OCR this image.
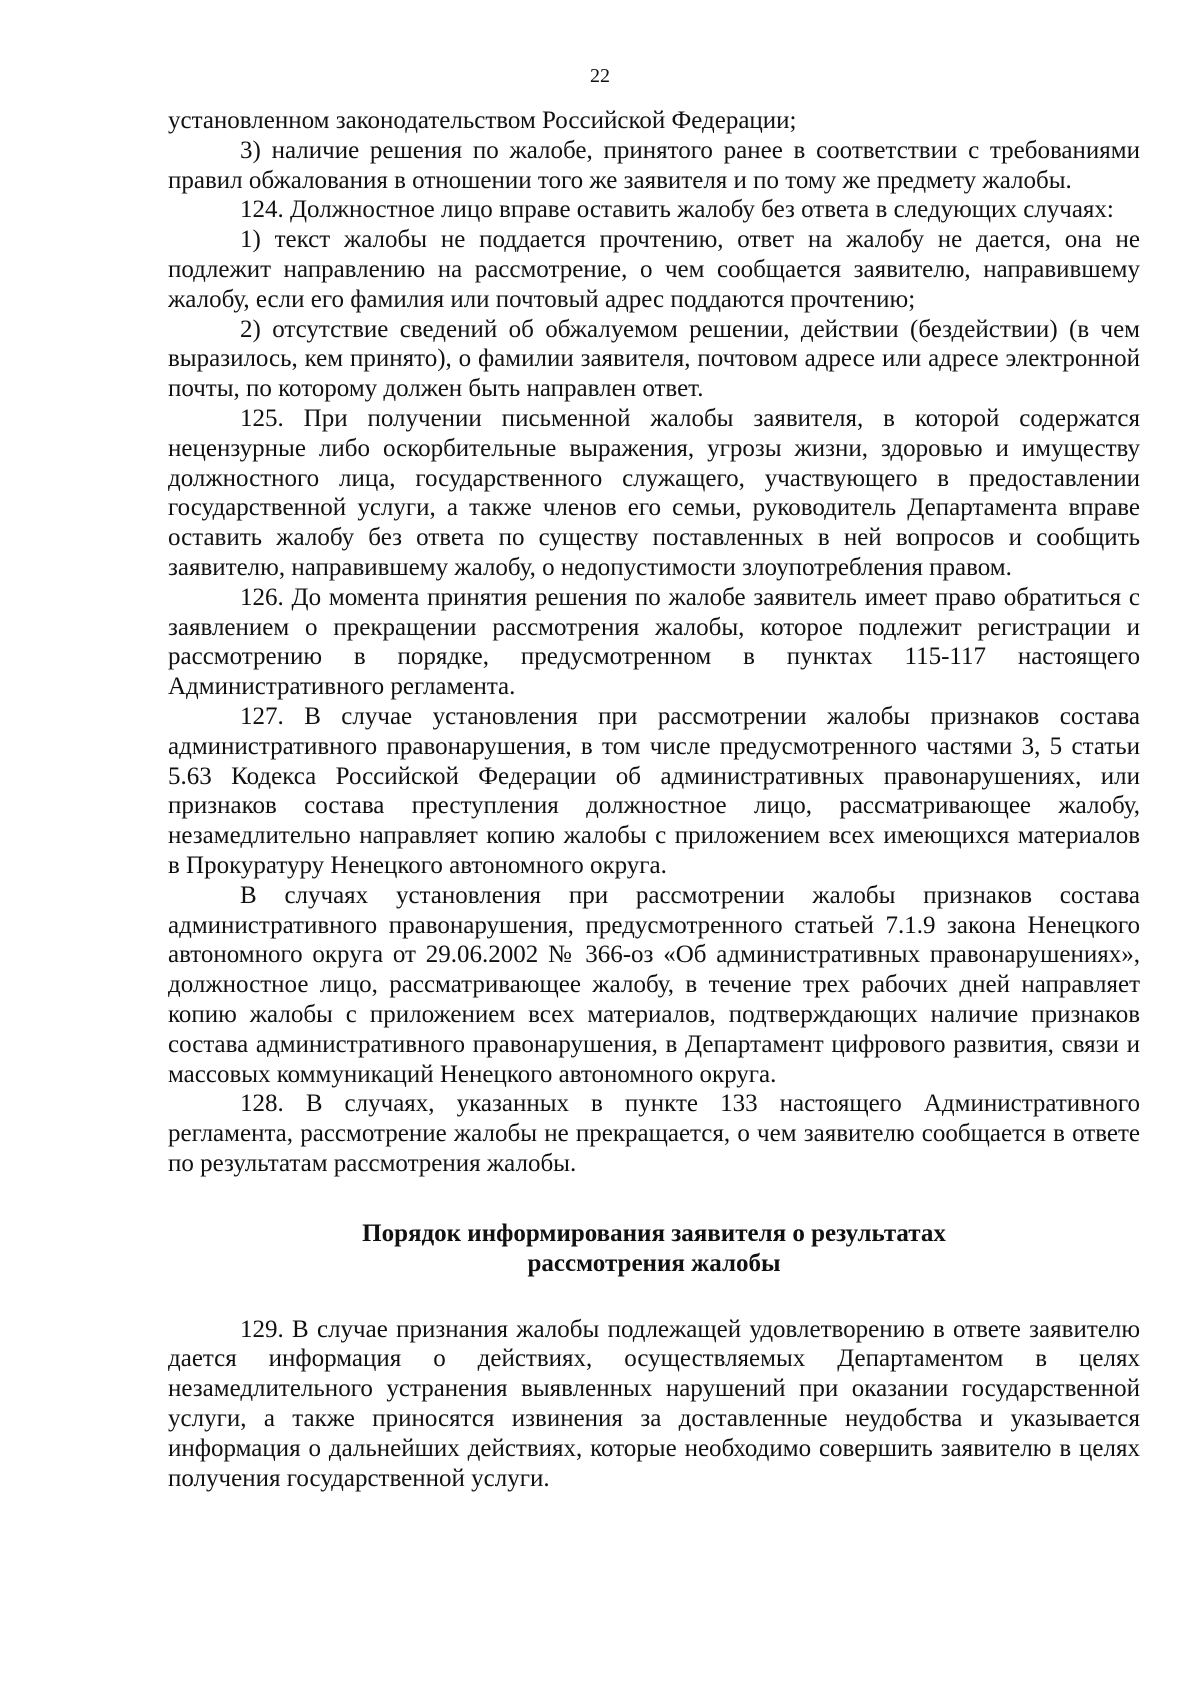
22

установленном законодательством Российской Федерации;

3) наличие решения по жалобе, принятого ранее в соответствии с требованиями правил обжалования в отношении того же заявителя и по тому же предмету жалобы.

124. Должностное лицо вправе оставить жалобу без ответа в следующих случаях:

1) текст жалобы не поддается прочтению, ответ на жалобу не дается, она не подлежит направлению на рассмотрение, о чем сообщается заявителю, направившему жалобу, если его фамилия или почтовый адрес поддаются прочтению;

2) отсутствие сведений об обжалуемом решении, действии (бездействии) (в чем выразилось, кем принято), о фамилии заявителя, почтовом адресе или адресе электронной почты, по которому должен быть направлен ответ.

125. При получении письменной жалобы заявителя, в которой содержатся нецензурные либо оскорбительные выражения, угрозы жизни, здоровью и имуществу должностного лица, государственного служащего, участвующего в предоставлении государственной услуги, а также членов его семьи, руководитель Департамента вправе оставить жалобу без ответа по существу поставленных в ней вопросов и сообщить заявителю, направившему жалобу, о недопустимости злоупотребления правом.

126. До момента принятия решения по жалобе заявитель имеет право обратиться с заявлением о прекращении рассмотрения жалобы, которое подлежит регистрации и рассмотрению в порядке, предусмотренном в пунктах 115-117 настоящего Административного регламента.

127. В случае установления при рассмотрении жалобы признаков состава административного правонарушения, в том числе предусмотренного частями 3, 5 статьи 5.63 Кодекса Российской Федерации об административных правонарушениях, или признаков состава преступления должностное лицо, рассматривающее жалобу, незамедлительно направляет копию жалобы с приложением всех имеющихся материалов в Прокуратуру Ненецкого автономного округа.

В случаях установления при рассмотрении жалобы признаков состава административного правонарушения, предусмотренного статьей 7.1.9 закона Ненецкого автономного округа от 29.06.2002 № 366-оз «Об административных правонарушениях», должностное лицо, рассматривающее жалобу, в течение трех рабочих дней направляет копию жалобы с приложением всех материалов, подтверждающих наличие признаков состава административного правонарушения, в Департамент цифрового развития, связи и массовых коммуникаций Ненецкого автономного округа.

128. В случаях, указанных в пункте 133 настоящего Административного регламента, рассмотрение жалобы не прекращается, о чем заявителю сообщается в ответе по результатам рассмотрения жалобы.

Порядок информирования заявителя о результатах
рассмотрения жалобы

129. В случае признания жалобы подлежащей удовлетворению в ответе заявителю дается информация о действиях, осуществляемых Департаментом в целях незамедлительного устранения выявленных нарушений при оказании государственной услуги, а также приносятся извинения за доставленные неудобства и указывается информация о дальнейших действиях, которые необходимо совершить заявителю в целях получения государственной услуги.
